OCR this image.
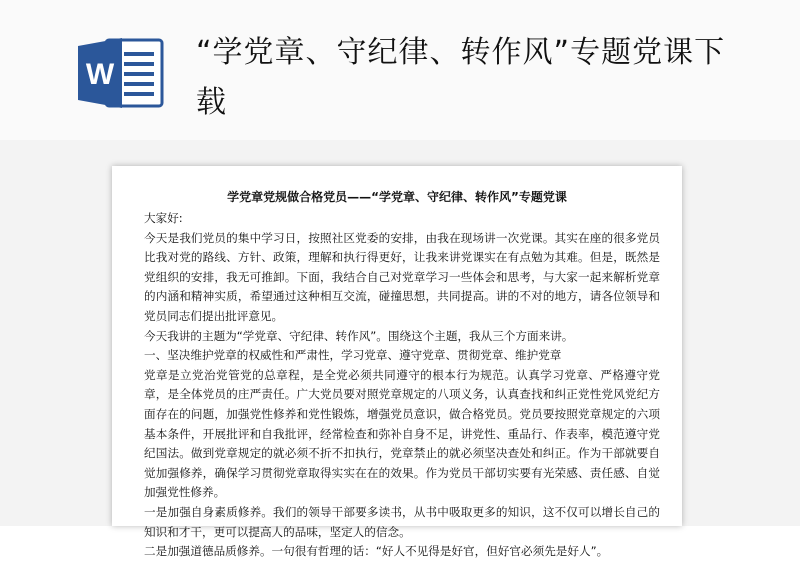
W
“学党章、守纪律、转作风”专题党课下载
学党章党规做合格党员——“学党章、守纪律、转作风”专题党课

大家好:

今天是我们党员的集中学习日，按照社区党委的安排，由我在现场讲一次党课。其实在座的很多党员比我对党的路线、方针、政策，理解和执行得更好，让我来讲党课实在有点勉为其难。但是，既然是党组织的安排，我无可推卸。下面，我结合自己对党章学习一些体会和思考，与大家一起来解析党章的内涵和精神实质，希望通过这种相互交流，碰撞思想，共同提高。讲的不对的地方，请各位领导和党员同志们提出批评意见。

今天我讲的主题为“学党章、守纪律、转作风”。围绕这个主题，我从三个方面来讲。

一、坚决维护党章的权威性和严肃性，学习党章、遵守党章、贯彻党章、维护党章

党章是立党治党管党的总章程，是全党必须共同遵守的根本行为规范。认真学习党章、严格遵守党章，是全体党员的庄严责任。广大党员要对照党章规定的八项义务，认真查找和纠正党性党风党纪方面存在的问题，加强党性修养和党性锻炼，增强党员意识，做合格党员。党员要按照党章规定的六项基本条件，开展批评和自我批评，经常检查和弥补自身不足，讲党性、重品行、作表率，模范遵守党纪国法。做到党章规定的就必须不折不扣执行，党章禁止的就必须坚决查处和纠正。作为干部就要自觉加强修养，确保学习贯彻党章取得实实在在的效果。作为党员干部切实要有光荣感、责任感、自觉加强党性修养。

一是加强自身素质修养。我们的领导干部要多读书，从书中吸取更多的知识，这不仅可以增长自己的知识和才干，更可以提高人的品味，坚定人的信念。

二是加强道德品质修养。一句很有哲理的话：“好人不见得是好官，但好官必须先是好人”。
